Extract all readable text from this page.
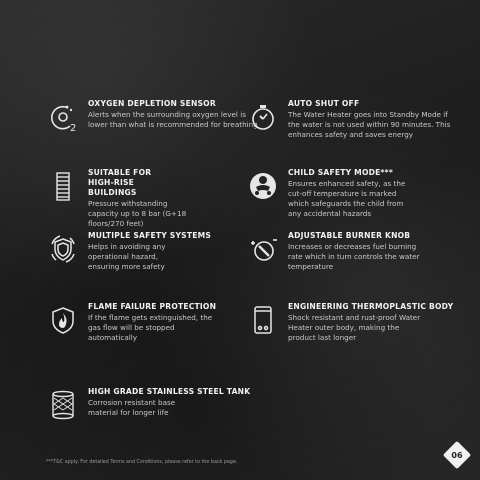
2
OXYGEN DEPLETION SENSOR
Alerts when the surrounding oxygen level is lower than what is recommended for breathing
AUTO SHUT OFF
The Water Heater goes into Standby Mode if the water is not used within 90 minutes. This enhances safety and saves energy
SUITABLE FOR HIGH-RISE BUILDINGS
Pressure withstanding capacity up to 8 bar (G+18 floors/270 feet)
CHILD SAFETY MODE***
Ensures enhanced safety, as the cut-off temperature is marked which safeguards the child from any accidental hazards
MULTIPLE SAFETY SYSTEMS
Helps in avoiding any operational hazard, ensuring more safety
ADJUSTABLE BURNER KNOB
Increases or decreases fuel burning rate which in turn controls the water temperature
FLAME FAILURE PROTECTION
If the flame gets extinguished, the gas flow will be stopped automatically
ENGINEERING THERMOPLASTIC BODY
Shock resistant and rust-proof Water Heater outer body, making the product last longer
HIGH GRADE STAINLESS STEEL TANK
Corrosion resistant base material for longer life
***T&C apply. For detailed Terms and Conditions, please refer to the back page.
06
